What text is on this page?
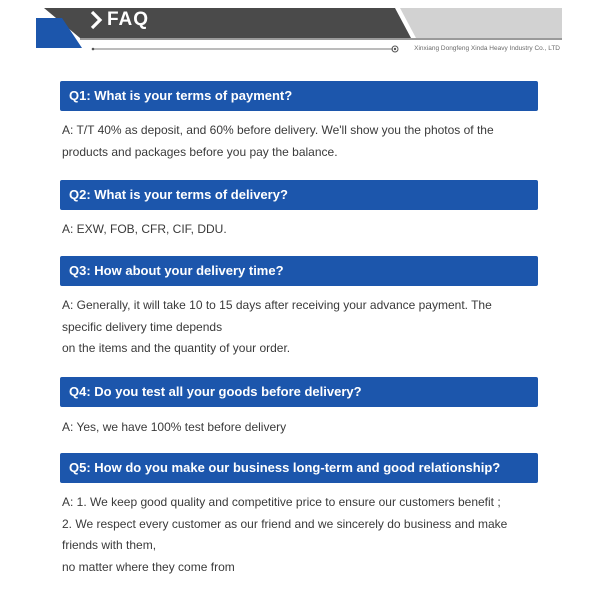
FAQ
Xinxiang Dongfeng Xinda Heavy Industry Co., LTD
Q1: What is your terms of payment?
A: T/T 40% as deposit, and 60% before delivery. We'll show you the photos of the
products and packages before you pay the balance.
Q2: What is your terms of delivery?
A: EXW, FOB, CFR, CIF, DDU.
Q3: How about your delivery time?
A: Generally, it will take 10 to 15 days after receiving your advance payment. The
specific delivery time depends
on the items and the quantity of your order.
Q4: Do you test all your goods before delivery?
A: Yes, we have 100% test before delivery
Q5: How do you make our business long-term and good relationship?
A: 1. We keep good quality and competitive price to ensure our customers benefit ;
2. We respect every customer as our friend and we sincerely do business and make
friends with them,
no matter where they come from
